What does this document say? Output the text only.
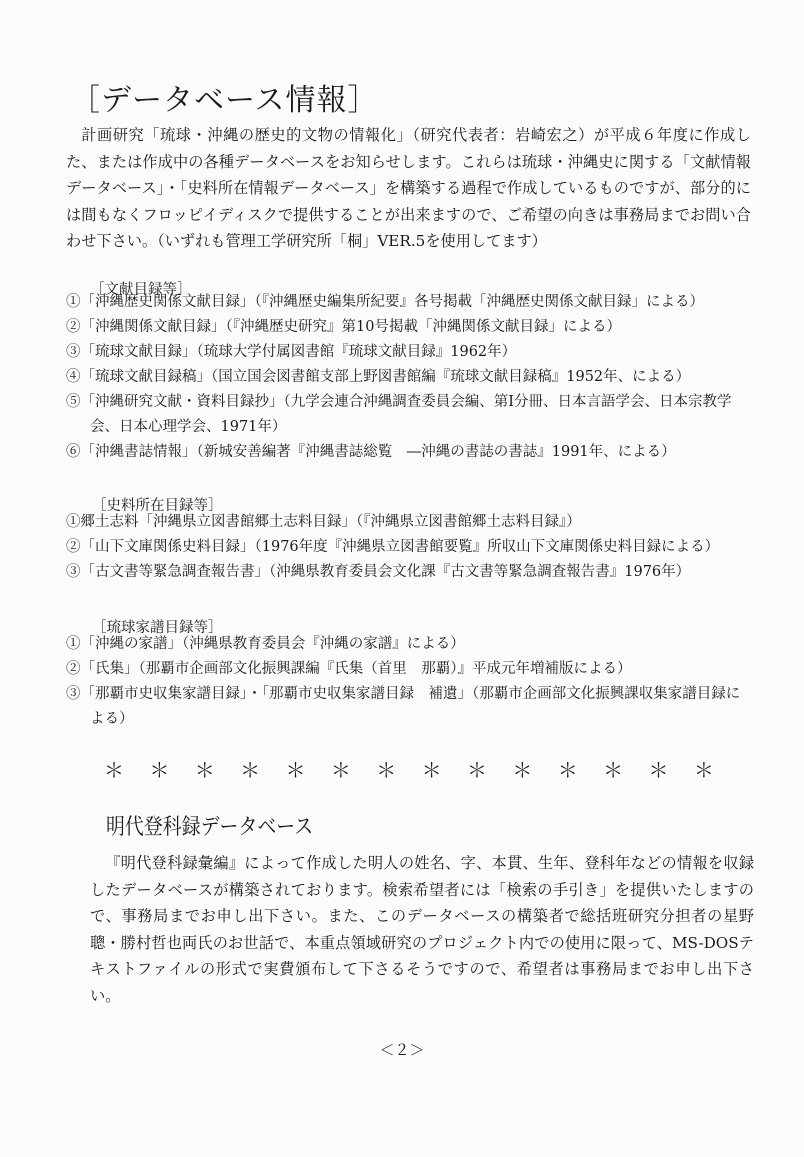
［データベース情報］

計画研究「琉球・沖縄の歴史的文物の情報化」（研究代表者：岩崎宏之）が平成６年度に作成した、または作成中の各種データベースをお知らせします。これらは琉球・沖縄史に関する「文献情報データベース」・「史料所在情報データベース」を構築する過程で作成しているものですが、部分的には間もなくフロッピイディスクで提供することが出来ますので、ご希望の向きは事務局までお問い合わせ下さい。（いずれも管理工学研究所「桐」VER.5を使用してます）

［文献目録等］
①「沖縄歴史関係文献目録」（『沖縄歴史編集所紀要』各号掲載「沖縄歴史関係文献目録」による）
②「沖縄関係文献目録」（『沖縄歴史研究』第10号掲載「沖縄関係文献目録」による）
③「琉球文献目録」（琉球大学付属図書館『琉球文献目録』1962年）
④「琉球文献目録稿」（国立国会図書館支部上野図書館編『琉球文献目録稿』1952年、による）
⑤「沖縄研究文献・資料目録抄」（九学会連合沖縄調査委員会編、第Ⅰ分冊、日本言語学会、日本宗教学会、日本心理学会、1971年）
⑥「沖縄書誌情報」（新城安善編著『沖縄書誌総覧　―沖縄の書誌の書誌』1991年、による）
［史料所在目録等］
①郷土志料「沖縄県立図書館郷土志料目録」（『沖縄県立図書館郷土志料目録』）
②「山下文庫関係史料目録」（1976年度『沖縄県立図書館要覧』所収山下文庫関係史料目録による）
③「古文書等緊急調査報告書」（沖縄県教育委員会文化課『古文書等緊急調査報告書』1976年）
［琉球家譜目録等］
①「沖縄の家譜」（沖縄県教育委員会『沖縄の家譜』による）
②「氏集」（那覇市企画部文化振興課編『氏集（首里　那覇）』平成元年増補版による）
③「那覇市史収集家譜目録」・「那覇市史収集家譜目録　補遺」（那覇市企画部文化振興課収集家譜目録による）
＊ ＊ ＊ ＊ ＊ ＊ ＊ ＊ ＊ ＊ ＊ ＊ ＊ ＊
明代登科録データベース

『明代登科録彙編』によって作成した明人の姓名、字、本貫、生年、登科年などの情報を収録したデータベースが構築されております。検索希望者には「検索の手引き」を提供いたしますので、事務局までお申し出下さい。また、このデータベースの構築者で総括班研究分担者の星野聰・勝村哲也両氏のお世話で、本重点領域研究のプロジェクト内での使用に限って、MS-DOSテキストファイルの形式で実費頒布して下さるそうですので、希望者は事務局までお申し出下さい。

＜２＞
